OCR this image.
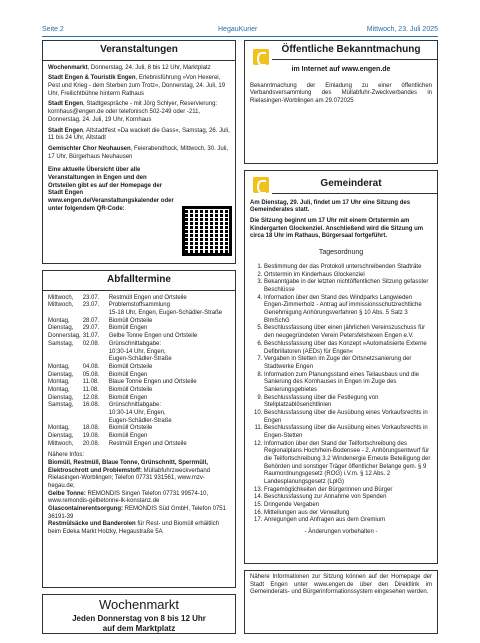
Seite 2	HegauKurier	Mittwoch, 23. Juli 2025
Veranstaltungen

Wochenmarkt, Donnerstag, 24. Juli, 8 bis 12 Uhr, Marktplatz

Stadt Engen & Touristik Engen, Erlebnisführung »Von Hexerei, Pest und Krieg - dem Sterben zum Trotz«, Donnerstag, 24. Juli, 19 Uhr, Freilichtbühne hinterm Rathaus

Stadt Engen, Stadtgespräche - mit Jörg Schlyer, Reservierung: kornhaus@engen.de oder telefonisch 502-249 oder -211, Donnerstag, 24. Juli, 19 Uhr, Kornhaus

Stadt Engen, Altstadtfest »Da wackelt die Gass«, Samstag, 26. Juli, 11 bis 24 Uhr, Altstadt

Gemischter Chor Neuhausen, Feierabendhock, Mittwoch, 30. Juli, 17 Uhr, Bürgerhaus Neuhausen

Eine aktuelle Übersicht über alle Veranstaltungen in Engen und den Ortsteilen gibt es auf der Homepage der Stadt Engen www.engen.de/Veranstaltungskalender oder unter folgendem QR-Code:
Abfalltermine
Mittwoch,	23.07.	Restmüll Engen und Ortsteile
Mittwoch,	23.07.	Problemstoffsammlung
		15-18 Uhr, Engen, Eugen-Schädler-Straße
Montag,	28.07.	Biomüll Ortsteile
Dienstag,	29.07.	Biomüll Engen
Donnerstag,	31.07.	Gelbe Tonne Engen und Ortsteile
Samstag,	02.08.	Grünschnittabgabe:
		10:30-14 Uhr, Engen,
		Eugen-Schädler-Straße
Montag,	04.08.	Biomüll Ortsteile
Dienstag,	05.08.	Biomüll Engen
Montag,	11.08.	Blaue Tonne Engen und Ortsteile
Montag,	11.08.	Biomüll Ortsteile
Dienstag,	12.08.	Biomüll Engen
Samstag,	16.08.	Grünschnittabgabe:
		10:30-14 Uhr, Engen,
		Eugen-Schädler-Straße
Montag,	18.08.	Biomüll Ortsteile
Dienstag,	19.08.	Biomüll Engen
Mittwoch,	20.08.	Restmüll Engen und Ortsteile
Nähere Infos:
Biomüll, Restmüll, Blaue Tonne, Grünschnitt, Sperrmüll, Elektroschrott und Problemstoff: Müllabfuhrzweckverband Rielasingen-Worblingen; Telefon 07731 931561, www.mzv-hegau.de;
Gelbe Tonne: REMONDIS Singen Telefon 07731 99574-10, www.remondis-gelbetonne-lk-konstanz.de
Glascontainerentsorgung: REMONDIS Süd GmbH, Telefon 0751 36191-39
Restmülsäcke und Banderolen für Rest- und Biomüll erhältlich beim Edeka Markt Holzky, Hegaustraße 5A
Wochenmarkt
Jeden Donnerstag von 8 bis 12 Uhr
auf dem Marktplatz
Öffentliche Bekanntmachung
im Internet auf www.engen.de
Bekanntmachung der Einladung zu einer öffentlichen Verbandsversammlung des Müllabfuhr-Zweckverbandes in Rielasingen-Worblingen am 29.072025
Gemeinderat

Am Dienstag, 29. Juli, findet um 17 Uhr eine Sitzung des Gemeinderates statt.

Die Sitzung beginnt um 17 Uhr mit einem Ortstermin am Kindergarten Glockenziel. Anschließend wird die Sitzung um circa 18 Uhr im Rathaus, Bürgersaal fortgeführt.

Tagesordnung
1. Bestimmung der das Protokoll unterschreibenden Stadträte
2. Ortstermin im Kinderhaus Glockenziel
3. Bekanntgabe in der letzten nichtöffentlichen Sitzung gefasster Beschlüsse
4. Information über den Stand des Windparks Langwieden Engen-Zimmerholz - Antrag auf immissionsschutzrechtliche Genehmigung Anhörungsverfahren § 10 Abs. 5 Satz 3 BImSchG
5. Beschlussfassung über einen jährlichen Vereinszuschuss für den neugegründeten Verein Petersfelshexen Engen e.V.
6. Beschlussfassung über das Konzept »Automatisierte Externe Defibrillatoren (AEDs) für Engen«
7. Vergaben in Stetten im Zuge der Ortsnetzsanierung der Stadtwerke Engen
8. Information zum Planungsstand eines Teilausbaus und die Sanierung des Kornhauses in Engen im Zuge des Sanierungsgebietes
9. Beschlussfassung über die Festlegung von Stellplatzablöserichtlinien
10. Beschlussfassung über die Ausübung eines Vorkaufsrechts in Engen
11. Beschlussfassung über die Ausübung eines Vorkaufsrechts in Engen-Stetten
12. Information über den Stand der Teilfortschreibung des Regionalplans Hochrhein-Bodensee - 2. Anhörungsentwurf für die Teilfortschreibung 3.2 Windenergie Erneute Beteiligung der Behörden und sonstiger Träger öffentlicher Belange gem. § 9 Raumordnungsgesetz (ROG) i.V.m. § 12 Abs. 2 Landesplanungsgesetz (LplG)
13. Fragemöglichkeiten der Bürgerinnen und Bürger
14. Beschlussfassung zur Annahme von Spenden
15. Dringende Vergaben
16. Mitteilungen aus der Verwaltung
17. Anregungen und Anfragen aus dem Gremium
- Änderungen vorbehalten -
Nähere Informationen zur Sitzung können auf der Homepage der Stadt Engen unter www.engen.de über den Direktlink im Gemeinderats- und Bürgerinformationssystem eingesehen werden.
